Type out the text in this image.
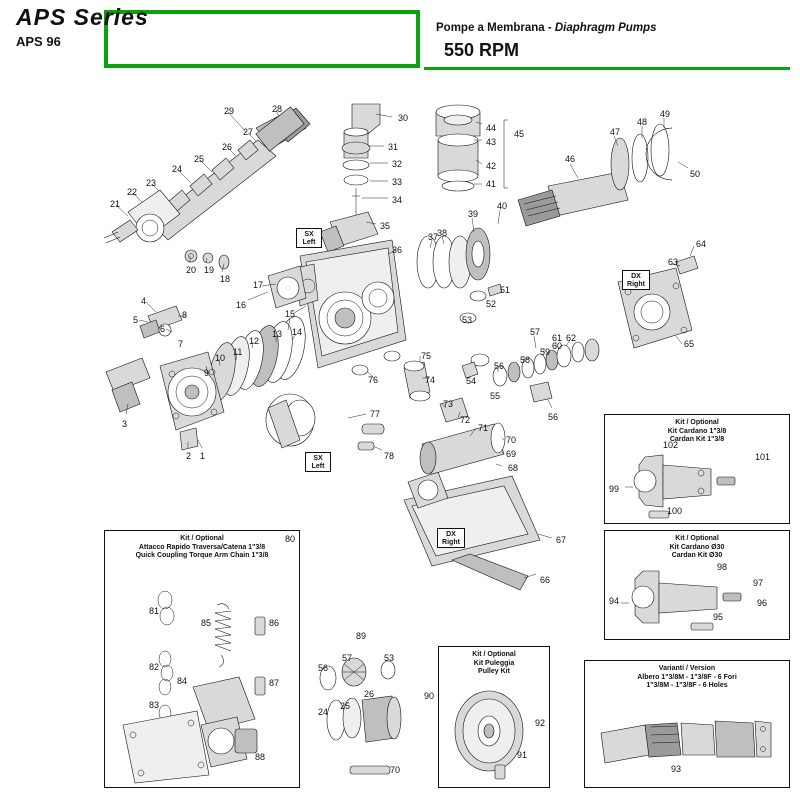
APS Series
APS 96
Pompe a Membrana - Diaphragm Pumps
550 RPM
SX
Left
SX
Left
DX
Right
DX
Right
Kit / Optional
Kit Cardano 1"3/8
Cardan Kit 1"3/8
102
101
99
100
Kit / Optional
Kit Cardano Ø30
Cardan Kit Ø30
98
97
94
95
96
Varianti / Version
Albero 1"3/8M - 1"3/8F - 6 Fori
1"3/8M - 1"3/8F - 6 Holes
93
Kit / Optional
Attacco Rapido Traversa/Catena 1"3/8
Quick Coupling Torque Arm Chain 1"3/8
80
81
85	86
82
84	87
83
88
Kit / Optional
Kit Puleggia
Pulley Kit
92
91
90
89
56
57	53
26
24
25
70
29	28
27
26
25
24
23
22
21
20 19
18
17
16
30
31
32
33
34
35
36
37
38
39
40
41
42
43
44
45
46
47
48
49
50
51
52
53
54
55
56
56
57
58
59
60
61 62
63
64
65
66
67
68
69
70
71
72
73
74
75
76
77
78
15
14
13
12
11
10
9
8
7
6
5
4
3
2 1
